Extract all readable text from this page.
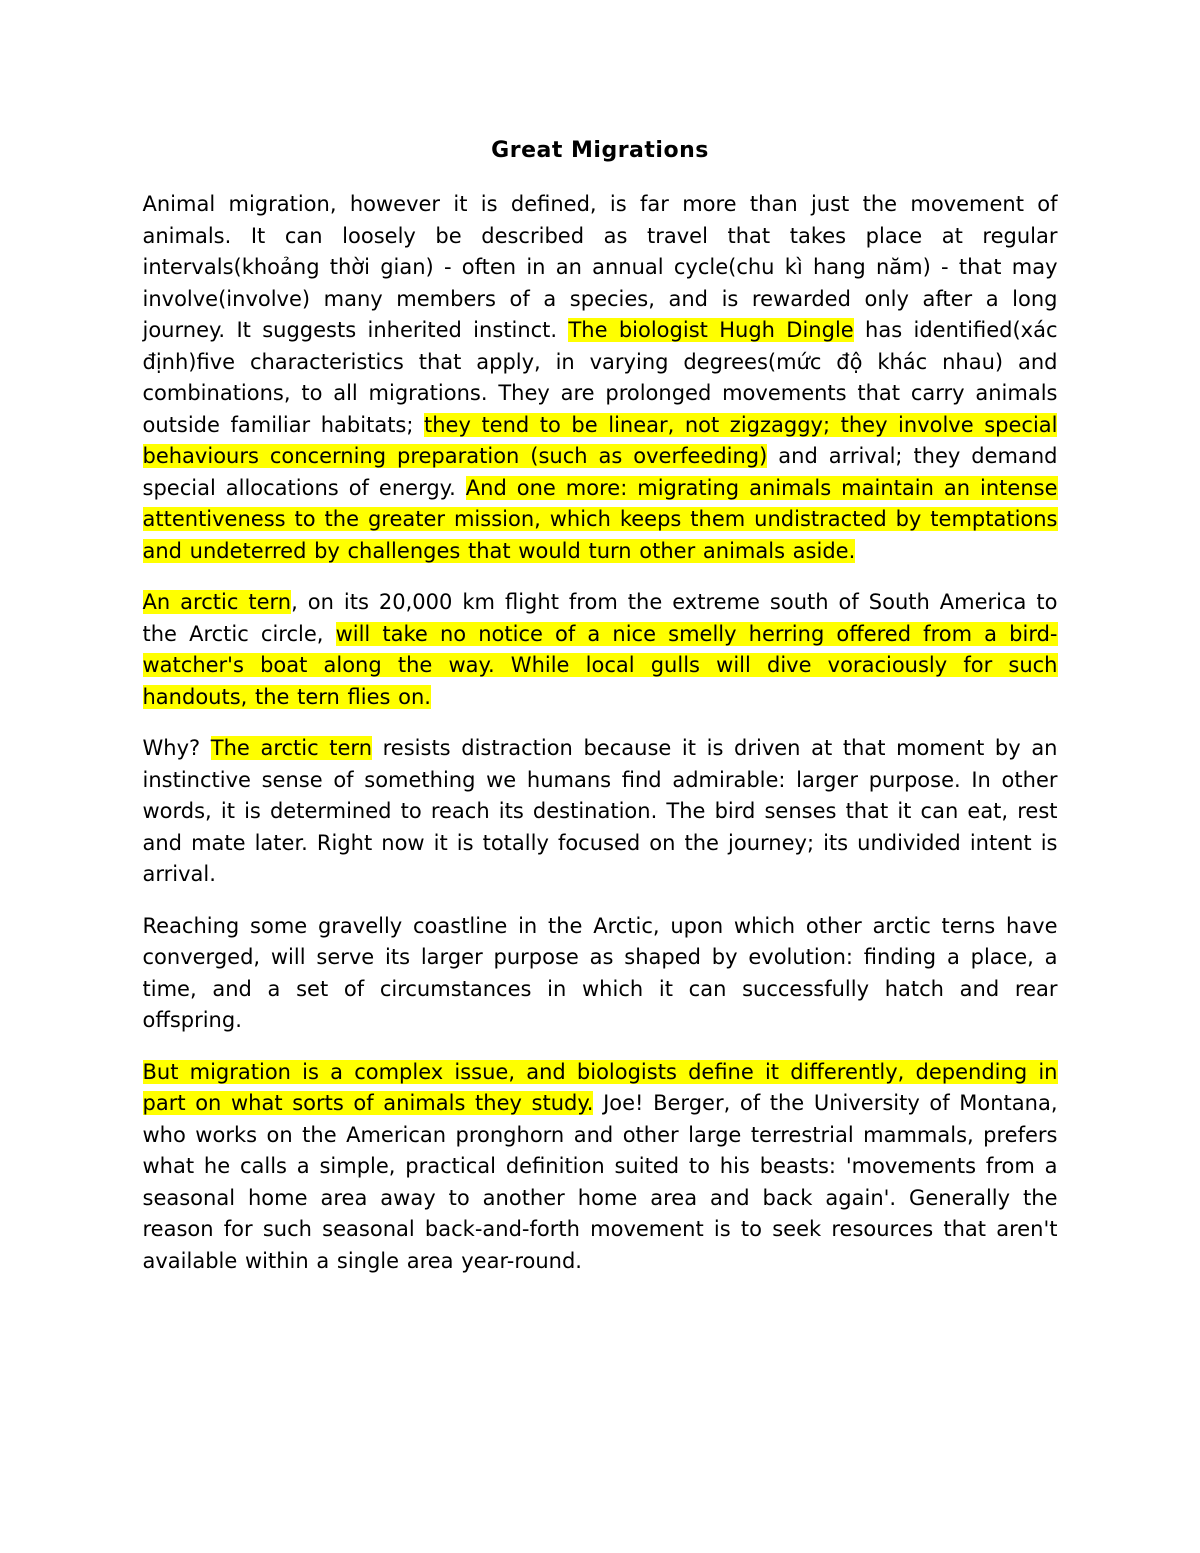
Great Migrations

Animal migration, however it is defined, is far more than just the movement of animals. It can loosely be described as travel that takes place at regular intervals(khoảng thời gian) - often in an annual cycle(chu kì hang năm) - that may involve(involve) many members of a species, and is rewarded only after a long journey. It suggests inherited instinct. The biologist Hugh Dingle has identified(xác định)five characteristics that apply, in varying degrees(mức độ khác nhau) and combinations, to all migrations. They are prolonged movements that carry animals outside familiar habitats; they tend to be linear, not zigzaggy; they involve special behaviours concerning preparation (such as overfeeding) and arrival; they demand special allocations of energy. And one more: migrating animals maintain an intense attentiveness to the greater mission, which keeps them undistracted by temptations and undeterred by challenges that would turn other animals aside.

An arctic tern, on its 20,000 km flight from the extreme south of South America to the Arctic circle, will take no notice of a nice smelly herring offered from a bird-watcher's boat along the way. While local gulls will dive voraciously for such handouts, the tern flies on.

Why? The arctic tern resists distraction because it is driven at that moment by an instinctive sense of something we humans find admirable: larger purpose. In other words, it is determined to reach its destination. The bird senses that it can eat, rest and mate later. Right now it is totally focused on the journey; its undivided intent is arrival.

Reaching some gravelly coastline in the Arctic, upon which other arctic terns have converged, will serve its larger purpose as shaped by evolution: finding a place, a time, and a set of circumstances in which it can successfully hatch and rear offspring.

But migration is a complex issue, and biologists define it differently, depending in part on what sorts of animals they study. Joe! Berger, of the University of Montana, who works on the American pronghorn and other large terrestrial mammals, prefers what he calls a simple, practical definition suited to his beasts: 'movements from a seasonal home area away to another home area and back again'. Generally the reason for such seasonal back-and-forth movement is to seek resources that aren't available within a single area year-round.
